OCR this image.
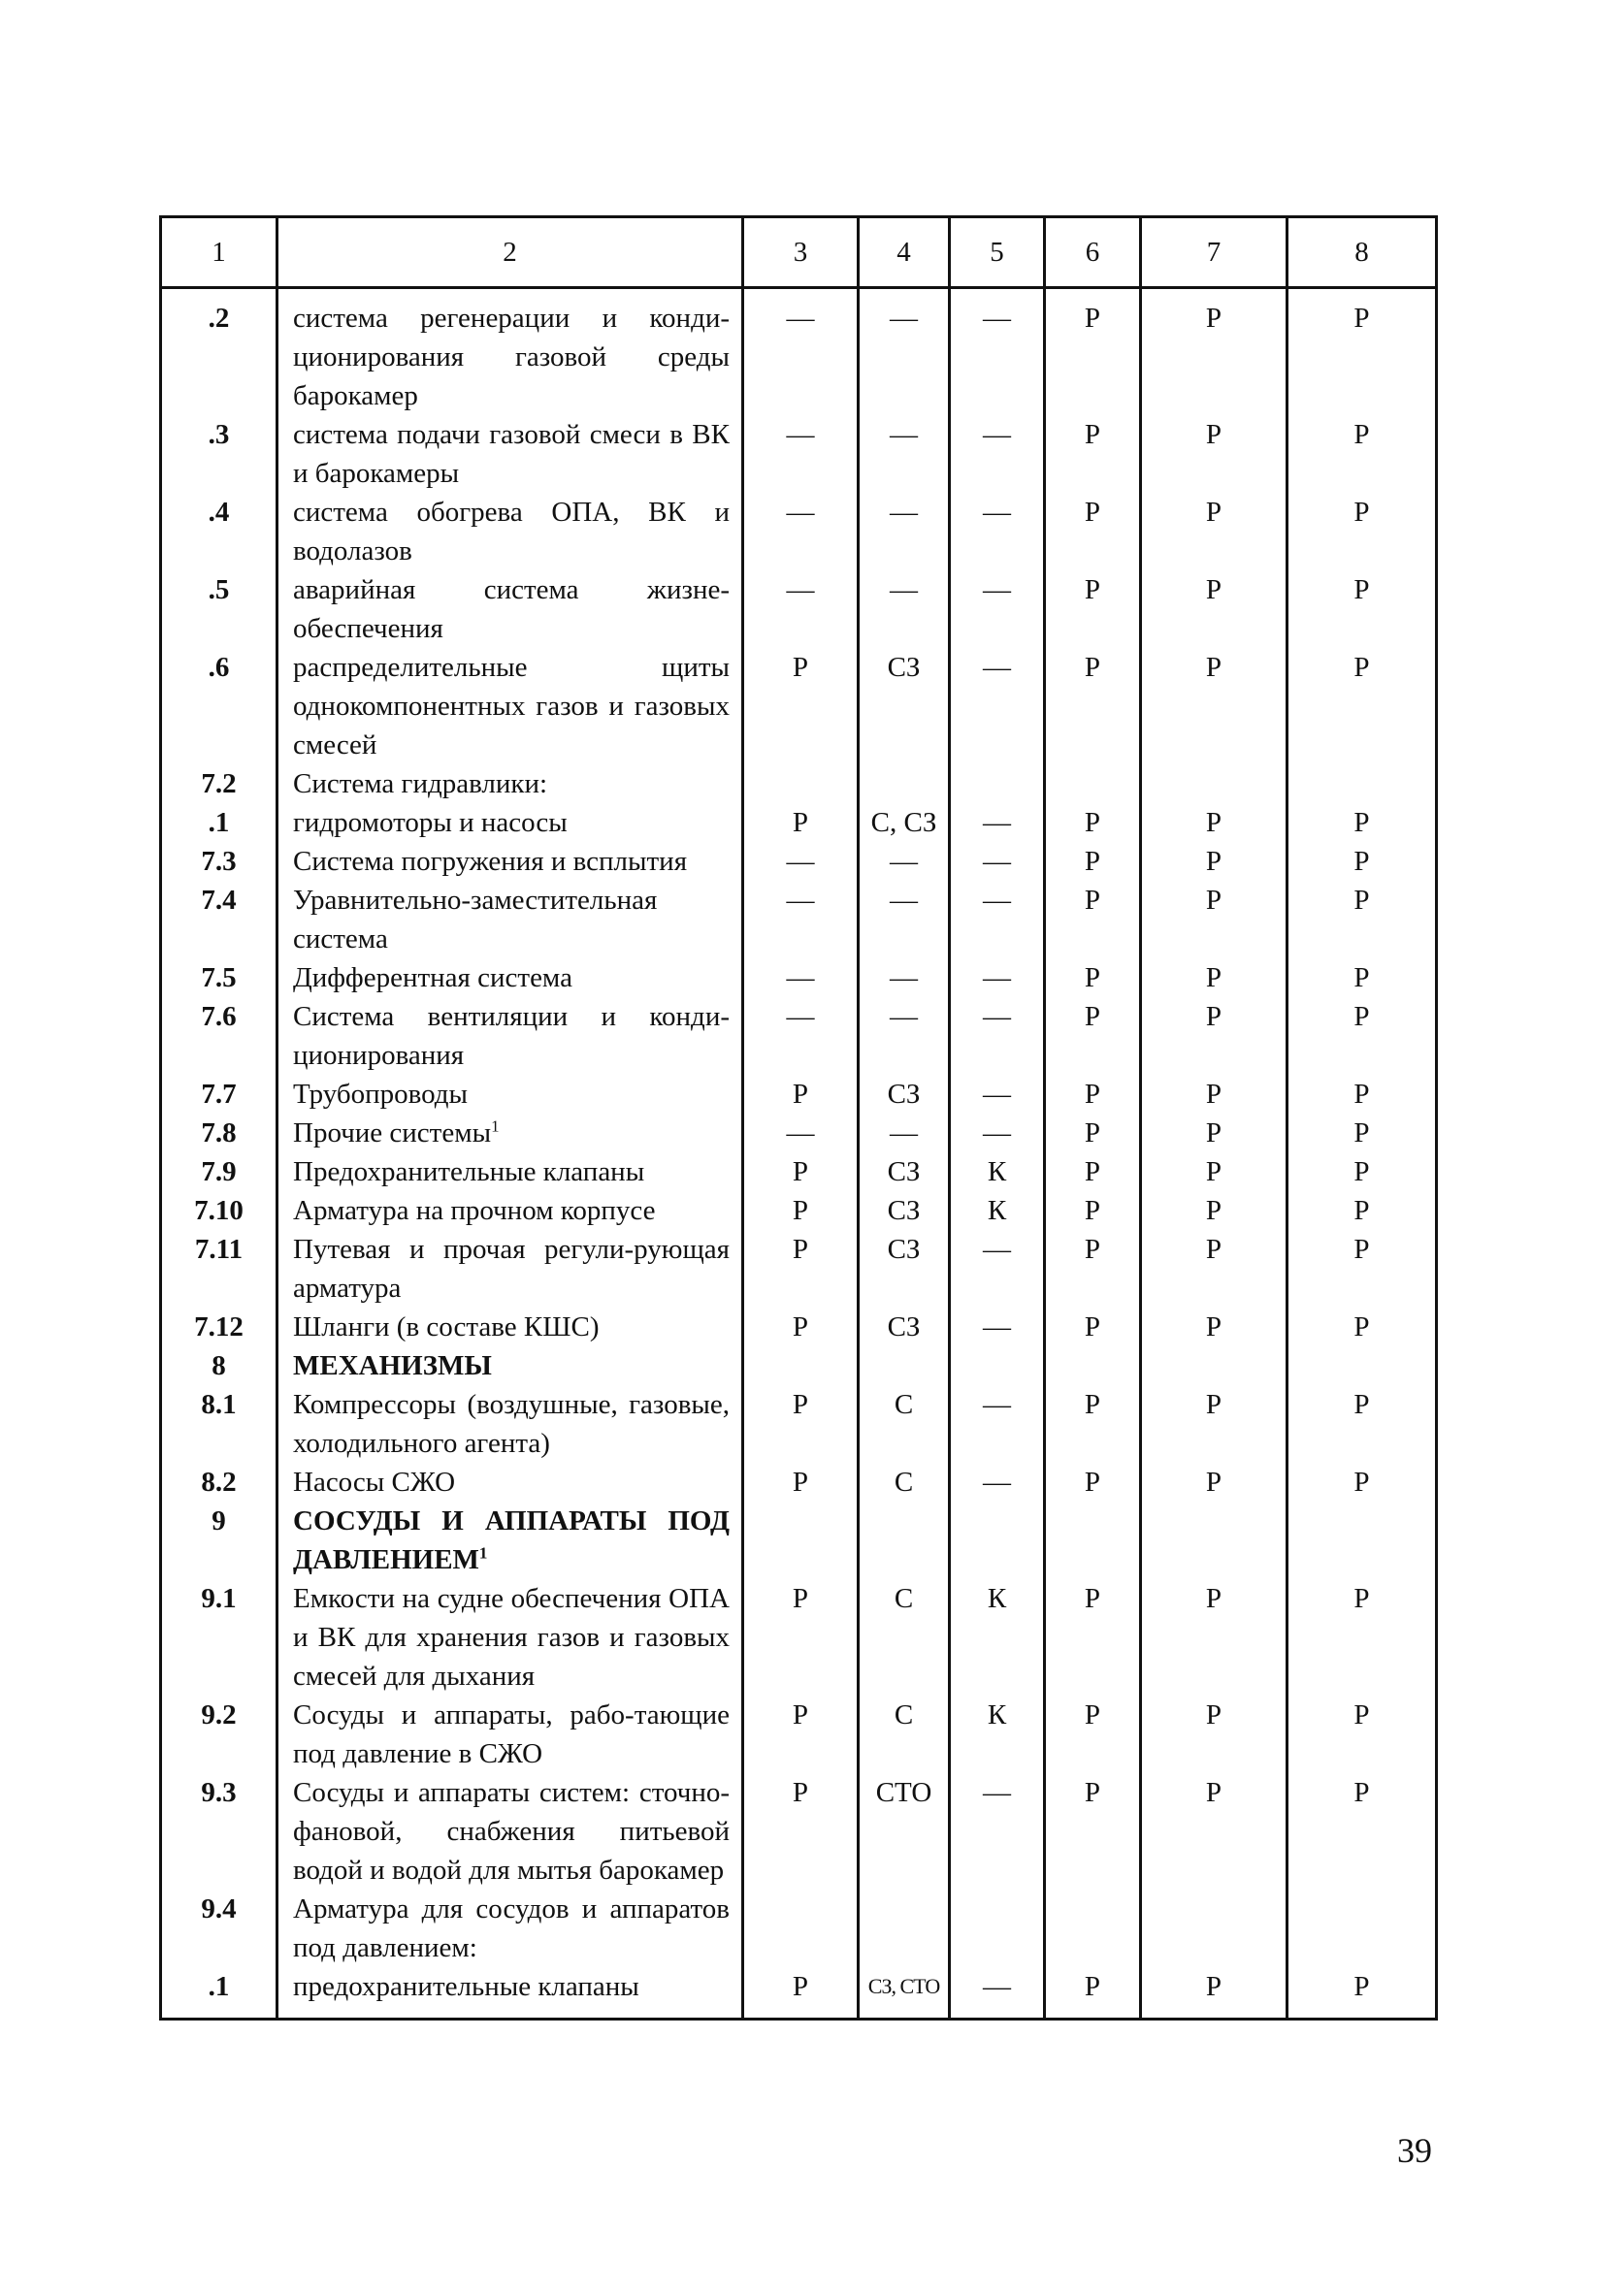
1	2	3	4	5	6	7	8
.2	система регенерации и конди-ционирования газовой среды барокамер	—	—	—	Р	Р	Р
.3	система подачи газовой смеси в ВК и барокамеры	—	—	—	Р	Р	Р
.4	система обогрева ОПА, ВК и водолазов	—	—	—	Р	Р	Р
.5	аварийная система жизне-обеспечения	—	—	—	Р	Р	Р
.6	распределительные щиты однокомпонентных газов и газовых смесей	Р	СЗ	—	Р	Р	Р
7.2	Система гидравлики:						
.1	гидромоторы и насосы	Р	С, СЗ	—	Р	Р	Р
7.3	Система погружения и всплытия	—	—	—	Р	Р	Р
7.4	Уравнительно-заместительная система	—	—	—	Р	Р	Р
7.5	Дифферентная система	—	—	—	Р	Р	Р
7.6	Система вентиляции и конди-ционирования	—	—	—	Р	Р	Р
7.7	Трубопроводы	Р	СЗ	—	Р	Р	Р
7.8	Прочие системы$^1$	—	—	—	Р	Р	Р
7.9	Предохранительные клапаны	Р	СЗ	К	Р	Р	Р
7.10	Арматура на прочном корпусе	Р	СЗ	К	Р	Р	Р
7.11	Путевая и прочая регули-рующая арматура	Р	СЗ	—	Р	Р	Р
7.12	Шланги (в составе КШС)	Р	СЗ	—	Р	Р	Р
8	МЕХАНИЗМЫ						
8.1	Компрессоры (воздушные, газовые, холодильного агента)	Р	С	—	Р	Р	Р
8.2	Насосы СЖО	Р	С	—	Р	Р	Р
9	СОСУДЫ И АППАРАТЫ ПОД ДАВЛЕНИЕМ$^1$						
9.1	Емкости на судне обеспечения ОПА и ВК для хранения газов и газовых смесей для дыхания	Р	С	К	Р	Р	Р
9.2	Сосуды и аппараты, рабо-тающие под давление в СЖО	Р	С	К	Р	Р	Р
9.3	Сосуды и аппараты систем: сточно-фановой, снабжения питьевой водой и водой для мытья барокамер	Р	СТО	—	Р	Р	Р
9.4	Арматура для сосудов и аппаратов под давлением:						
.1	предохранительные клапаны	Р	СЗ, СТО	—	Р	Р	Р
39
